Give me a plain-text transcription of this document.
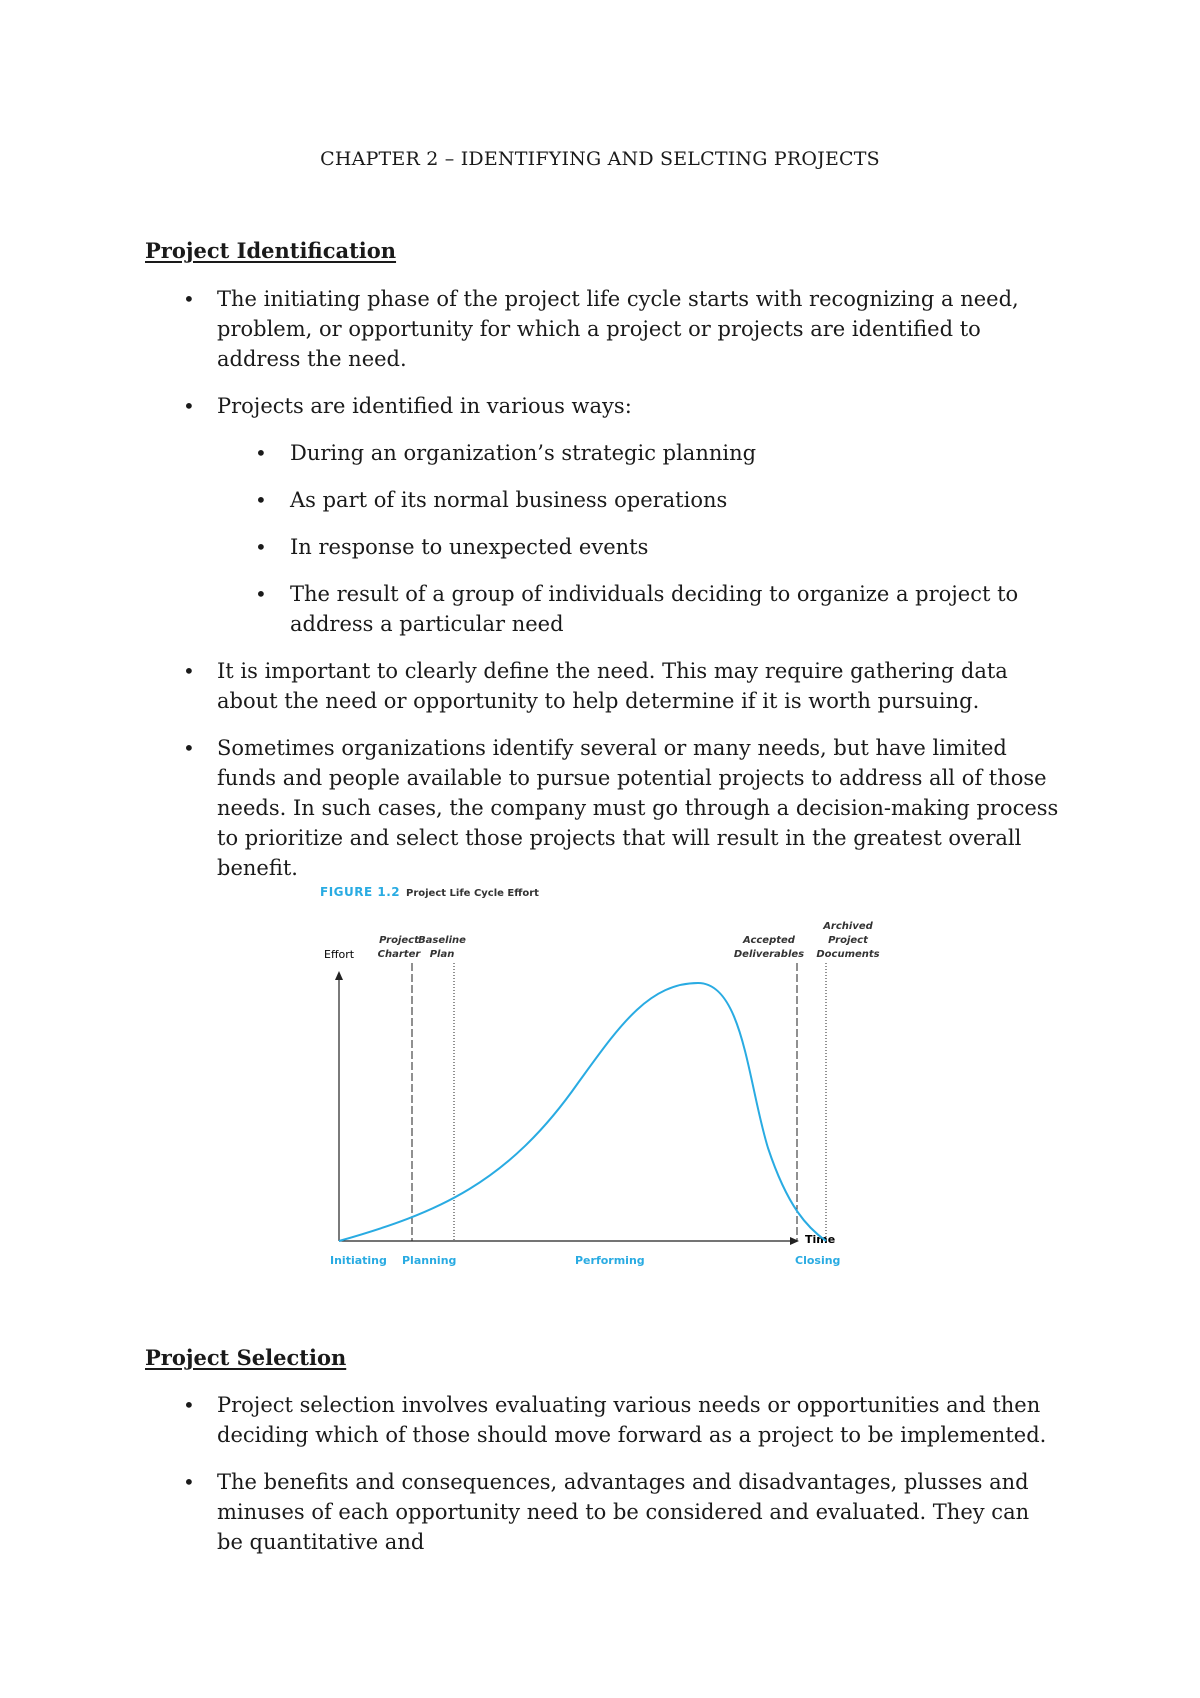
CHAPTER 2 – IDENTIFYING AND SELCTING PROJECTS
Project Identification
• The initiating phase of the project life cycle starts with recognizing a need, problem, or opportunity for which a project or projects are identified to address the need.
• Projects are identified in various ways:
• During an organization’s strategic planning
• As part of its normal business operations
• In response to unexpected events
• The result of a group of individuals deciding to organize a project to address a particular need
• It is important to clearly define the need. This may require gathering data about the need or opportunity to help determine if it is worth pursuing.
• Sometimes organizations identify several or many needs, but have limited funds and people available to pursue potential projects to address all of those needs. In such cases, the company must go through a decision-making process to prioritize and select those projects that will result in the greatest overall benefit.
FIGURE 1.2 Project Life Cycle Effort
Effort
Time
Project
Charter
Baseline
Plan
Accepted
Deliverables
Archived
Project
Documents
Initiating Planning	Performing	Closing
Project Selection
• Project selection involves evaluating various needs or opportunities and then deciding which of those should move forward as a project to be implemented.
• The benefits and consequences, advantages and disadvantages, plusses and minuses of each opportunity need to be considered and evaluated. They can be quantitative and
